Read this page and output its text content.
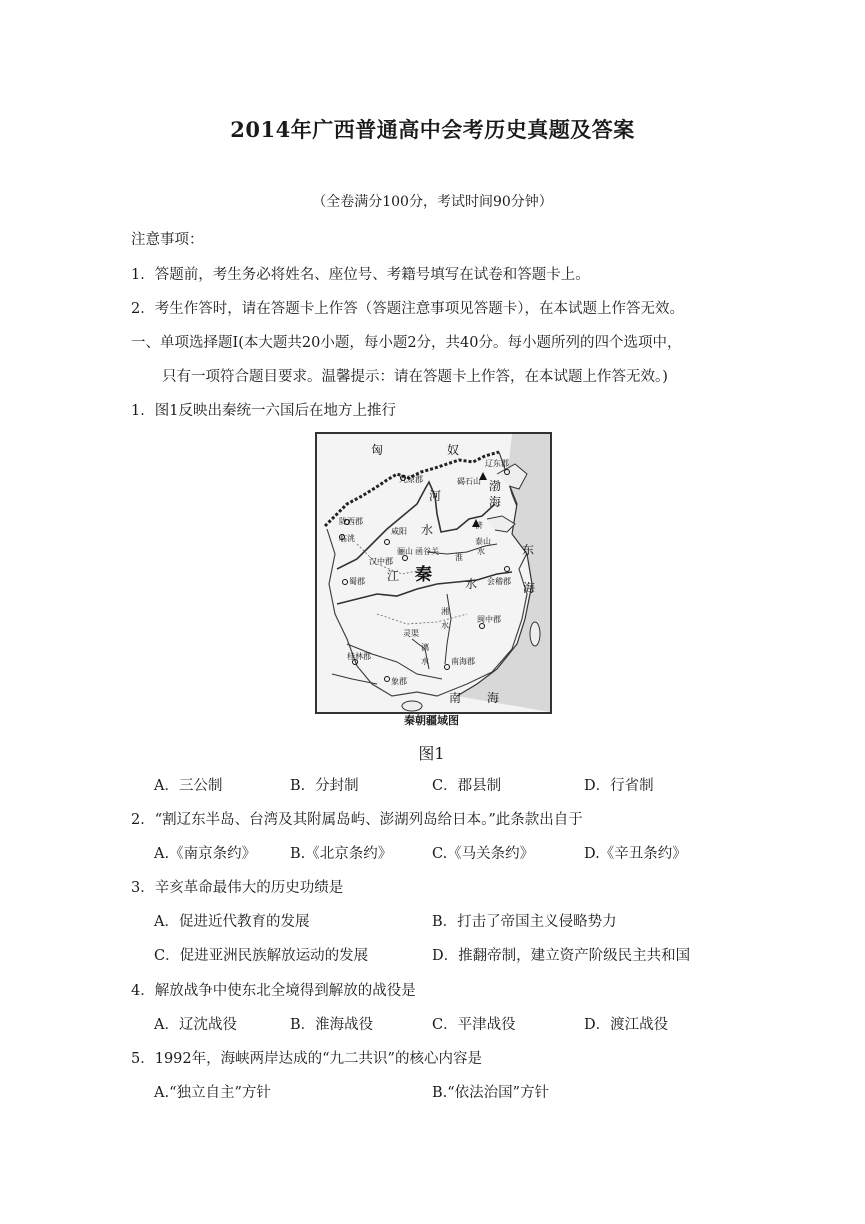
2014年广西普通高中会考历史真题及答案
（全卷满分100分，考试时间90分钟）
注意事项：
1．答题前，考生务必将姓名、座位号、考籍号填写在试卷和答题卡上。
2．考生作答时，请在答题卡上作答（答题注意事项见答题卡），在本试题上作答无效。
一、单项选择题Ⅰ(本大题共20小题，每小题2分，共40分。每小题所列的四个选项中，
只有一项符合题目要求。温馨提示：请在答题卡上作答，在本试题上作答无效。)
1．图1反映出秦统一六国后在地方上推行
匈	奴
辽东郡
碣石山
九原郡
河
渤
海
陇西郡
咸阳 水	济
泰山
临洮
骊山 函谷关
淮
水	东
汉中郡
秦
蜀郡 江
水 会稽郡 海
湘
水
灵渠
闽中郡
漓
水	南海郡
桂林郡
象郡
南 海
秦朝疆域图
图1
A．三公制	B．分封制	C．郡县制	D．行省制
2．“割辽东半岛、台湾及其附属岛屿、澎湖列岛给日本。”此条款出自于
A.《南京条约》 B.《北京条约》	C.《马关条约》	D.《辛丑条约》
3．辛亥革命最伟大的历史功绩是
A．促进近代教育的发展	B．打击了帝国主义侵略势力
C．促进亚洲民族解放运动的发展	D．推翻帝制，建立资产阶级民主共和国
4．解放战争中使东北全境得到解放的战役是
A．辽沈战役	B．淮海战役	C．平津战役	D．渡江战役
5．1992年，海峡两岸达成的“九二共识”的核心内容是
A.“独立自主”方针	B.“依法治国”方针
